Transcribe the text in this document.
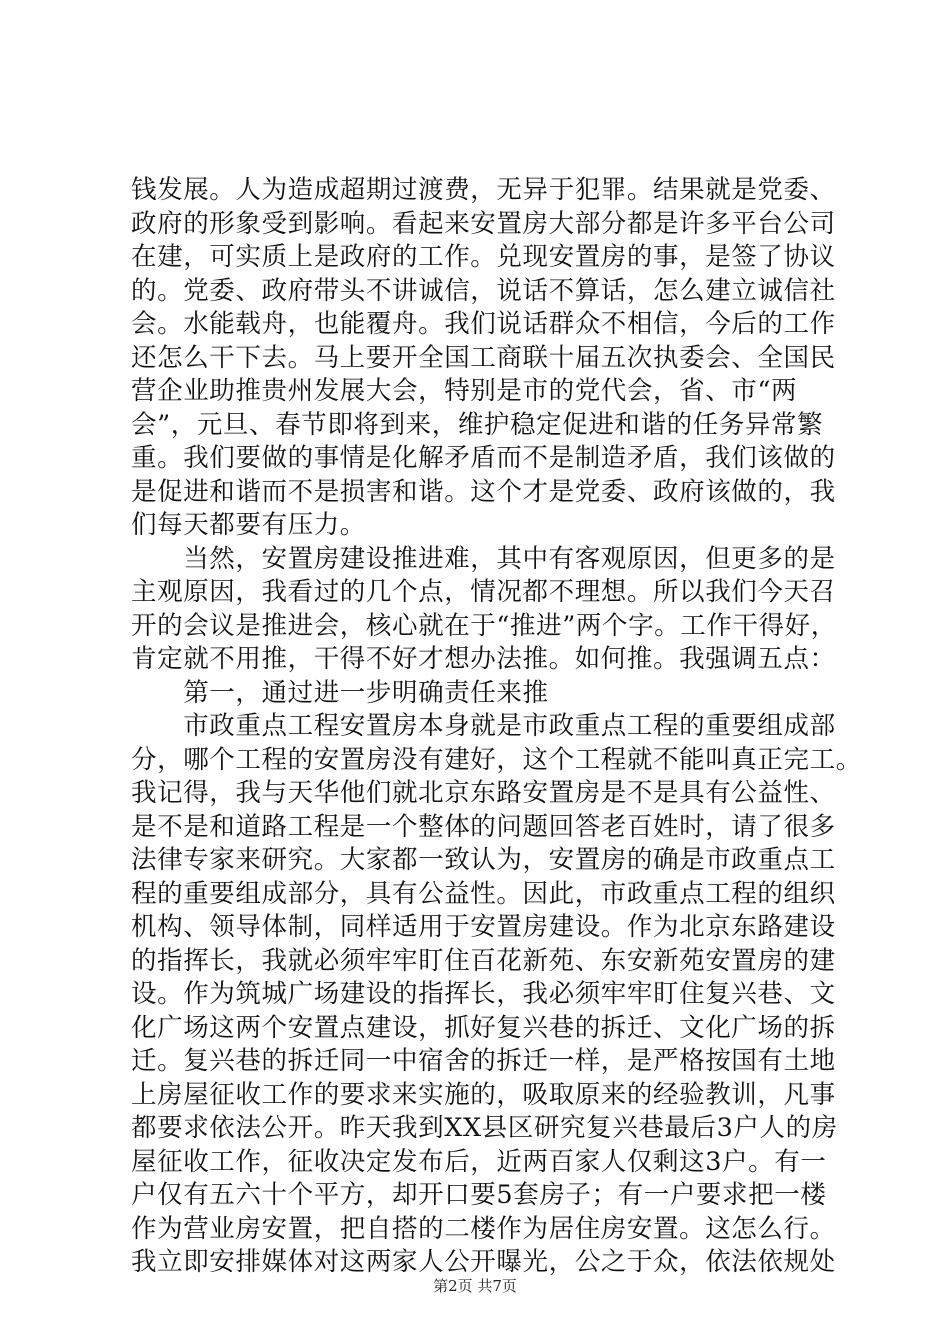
钱发展。人为造成超期过渡费，无异于犯罪。结果就是党委、
政府的形象受到影响。看起来安置房大部分都是许多平台公司
在建，可实质上是政府的工作。兑现安置房的事，是签了协议
的。党委、政府带头不讲诚信，说话不算话，怎么建立诚信社
会。水能载舟，也能覆舟。我们说话群众不相信，今后的工作
还怎么干下去。马上要开全国工商联十届五次执委会、全国民
营企业助推贵州发展大会，特别是市的党代会，省、市“两
会”，元旦、春节即将到来，维护稳定促进和谐的任务异常繁
重。我们要做的事情是化解矛盾而不是制造矛盾，我们该做的
是促进和谐而不是损害和谐。这个才是党委、政府该做的，我
们每天都要有压力。
　　当然，安置房建设推进难，其中有客观原因，但更多的是
主观原因，我看过的几个点，情况都不理想。所以我们今天召
开的会议是推进会，核心就在于“推进”两个字。工作干得好，
肯定就不用推，干得不好才想办法推。如何推。我强调五点：
　　第一，通过进一步明确责任来推
　　市政重点工程安置房本身就是市政重点工程的重要组成部
分，哪个工程的安置房没有建好，这个工程就不能叫真正完工。
我记得，我与天华他们就北京东路安置房是不是具有公益性、
是不是和道路工程是一个整体的问题回答老百姓时，请了很多
法律专家来研究。大家都一致认为，安置房的确是市政重点工
程的重要组成部分，具有公益性。因此，市政重点工程的组织
机构、领导体制，同样适用于安置房建设。作为北京东路建设
的指挥长，我就必须牢牢盯住百花新苑、东安新苑安置房的建
设。作为筑城广场建设的指挥长，我必须牢牢盯住复兴巷、文
化广场这两个安置点建设，抓好复兴巷的拆迁、文化广场的拆
迁。复兴巷的拆迁同一中宿舍的拆迁一样，是严格按国有土地
上房屋征收工作的要求来实施的，吸取原来的经验教训，凡事
都要求依法公开。昨天我到XX县区研究复兴巷最后3户人的房
屋征收工作，征收决定发布后，近两百家人仅剩这3户。有一
户仅有五六十个平方，却开口要5套房子；有一户要求把一楼
作为营业房安置，把自搭的二楼作为居住房安置。这怎么行。
我立即安排媒体对这两家人公开曝光，公之于众，依法依规处
第2页 共7页
